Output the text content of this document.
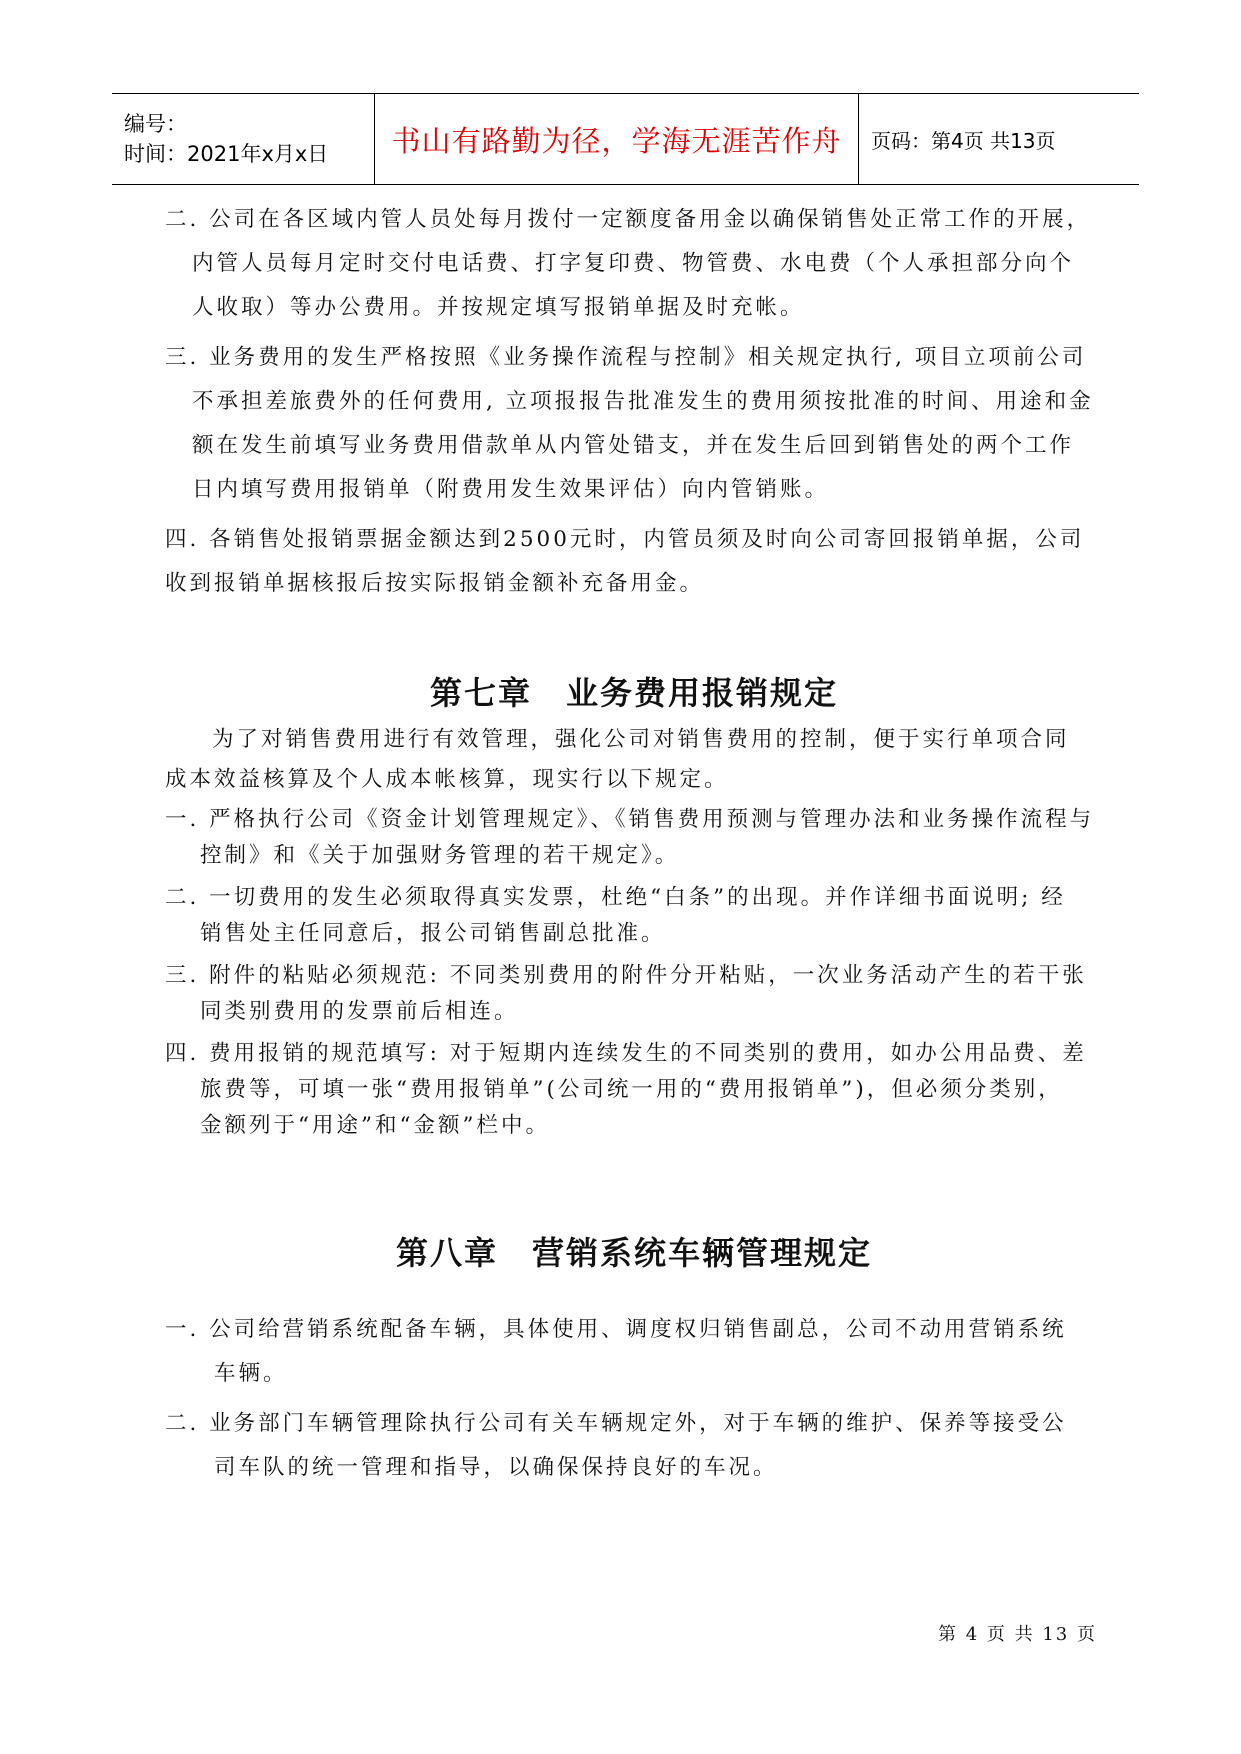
编号：
时间：2021年x月x日	书山有路勤为径，学海无涯苦作舟 页码：第4页 共13页
二. 公司在各区域内管人员处每月拨付一定额度备用金以确保销售处正常工作的开展，
内管人员每月定时交付电话费、打字复印费、物管费、水电费（个人承担部分向个
人收取）等办公费用。并按规定填写报销单据及时充帐。
三. 业务费用的发生严格按照《业务操作流程与控制》相关规定执行, 项目立项前公司
不承担差旅费外的任何费用, 立项报报告批准发生的费用须按批准的时间、用途和金
额在发生前填写业务费用借款单从内管处错支，并在发生后回到销售处的两个工作
日内填写费用报销单（附费用发生效果评估）向内管销账。
四. 各销售处报销票据金额达到2500元时，内管员须及时向公司寄回报销单据，公司
收到报销单据核报后按实际报销金额补充备用金。
第七章　业务费用报销规定
为了对销售费用进行有效管理，强化公司对销售费用的控制，便于实行单项合同
成本效益核算及个人成本帐核算，现实行以下规定。
一. 严格执行公司《资金计划管理规定》、《销售费用预测与管理办法和业务操作流程与
控制》和《关于加强财务管理的若干规定》。
二. 一切费用的发生必须取得真实发票，杜绝“白条”的出现。并作详细书面说明; 经
销售处主任同意后，报公司销售副总批准。
三. 附件的粘贴必须规范: 不同类别费用的附件分开粘贴，一次业务活动产生的若干张
同类别费用的发票前后相连。
四. 费用报销的规范填写: 对于短期内连续发生的不同类别的费用，如办公用品费、差
旅费等，可填一张“费用报销单”(公司统一用的“费用报销单”)，但必须分类别，
金额列于“用途”和“金额”栏中。
第八章　营销系统车辆管理规定
一. 公司给营销系统配备车辆，具体使用、调度权归销售副总，公司不动用营销系统
车辆。
二. 业务部门车辆管理除执行公司有关车辆规定外，对于车辆的维护、保养等接受公
司车队的统一管理和指导，以确保保持良好的车况。
第 4 页 共 13 页
